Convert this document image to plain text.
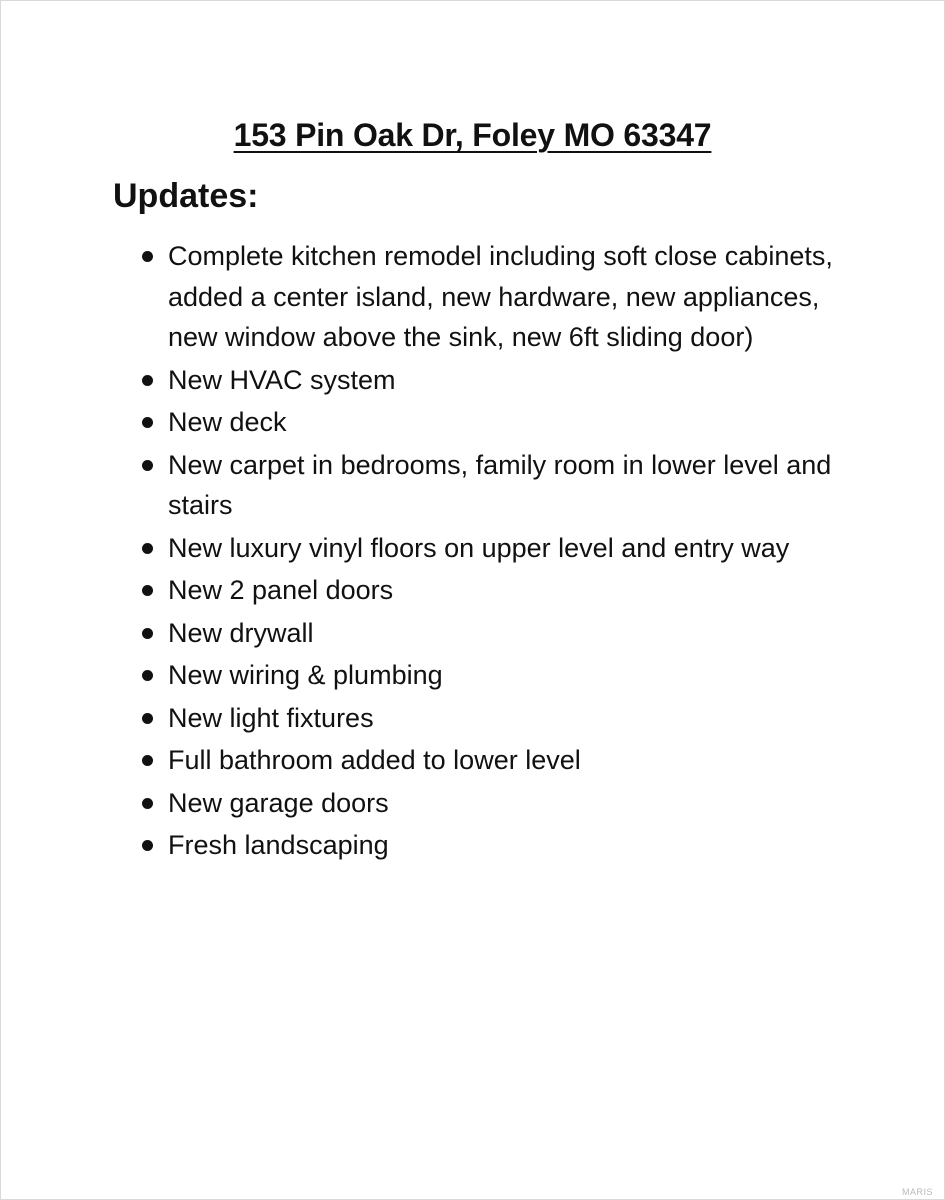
153 Pin Oak Dr, Foley MO 63347
Updates:
Complete kitchen remodel including soft close cabinets, added a center island, new hardware, new appliances, new window above the sink, new 6ft sliding door)
New HVAC system
New deck
New carpet in bedrooms, family room in lower level and stairs
New luxury vinyl floors on upper level and entry way
New 2 panel doors
New drywall
New wiring & plumbing
New light fixtures
Full bathroom added to lower level
New garage doors
Fresh landscaping
MARIS
